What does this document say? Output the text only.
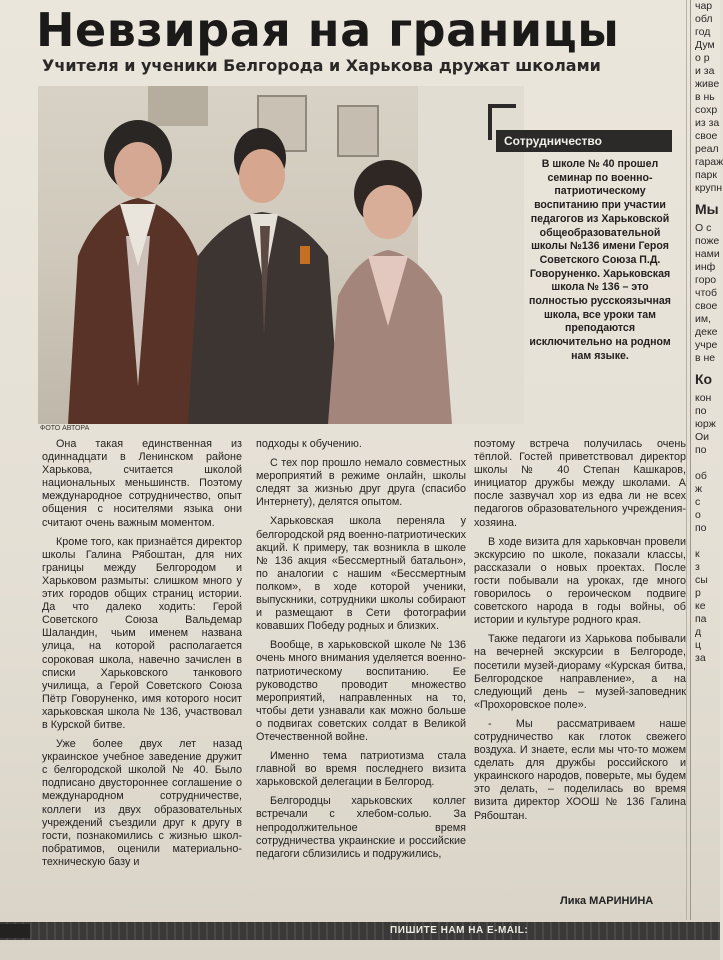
Невзирая на границы
Учителя и ученики Белгорода и Харькова дружат школами
ФОТО АВТОРА
Сотрудничество

В школе № 40 прошел семинар по военно-патриотическому воспитанию при участии педагогов из Харьковской общеобразовательной школы №136 имени Героя Советского Союза П.Д. Говоруненко. Харьковская школа № 136 – это полностью русскоязычная школа, все уроки там преподаются исключительно на родном нам языке.

Она такая единственная из одиннадцати в Ленинском районе Харькова, считается школой национальных меньшинств. Поэтому международное сотрудничество, опыт общения с носителями языка они считают очень важным моментом.

Кроме того, как признаётся директор школы Галина Рябоштан, для них границы между Белгородом и Харьковом размыты: слишком много у этих городов общих страниц истории. Да что далеко ходить: Герой Советского Союза Вальдемар Шаландин, чьим именем названа улица, на которой располагается сороковая школа, навечно зачислен в списки Харьковского танкового училища, а Герой Советского Союза Пётр Говоруненко, имя которого носит харьковская школа № 136, участвовал в Курской битве.

Уже более двух лет назад украинское учебное заведение дружит с белгородской школой № 40. Было подписано двустороннее соглашение о международном сотрудничестве, коллеги из двух образовательных учреждений съездили друг к другу в гости, познакомились с жизнью школ-побратимов, оценили материально-техническую базу и

подходы к обучению.

С тех пор прошло немало совместных мероприятий в режиме онлайн, школы следят за жизнью друг друга (спасибо Интернету), делятся опытом.

Харьковская школа переняла у белгородской ряд военно-патриотических акций. К примеру, так возникла в школе № 136 акция «Бессмертный батальон», по аналогии с нашим «Бессмертным полком», в ходе которой ученики, выпускники, сотрудники школы собирают и размещают в Сети фотографии ковавших Победу родных и близких.

Вообще, в харьковской школе № 136 очень много внимания уделяется военно-патриотическому воспитанию. Ее руководство проводит множество мероприятий, направленных на то, чтобы дети узнавали как можно больше о подвигах советских солдат в Великой Отечественной войне.

Именно тема патриотизма стала главной во время последнего визита харьковской делегации в Белгород.

Белгородцы харьковских коллег встречали с хлебом-солью. За непродолжительное время сотрудничества украинские и российские педагоги сблизились и подружились,

поэтому встреча получилась очень тёплой. Гостей приветствовал директор школы № 40 Степан Кашкаров, инициатор дружбы между школами. А после зазвучал хор из едва ли не всех педагогов образовательного учреждения-хозяина.

В ходе визита для харьковчан провели экскурсию по школе, показали классы, рассказали о новых проектах. После гости побывали на уроках, где много говорилось о героическом подвиге советского народа в годы войны, об истории и культуре родного края.

Также педагоги из Харькова побывали на вечерней экскурсии в Белгороде, посетили музей-диораму «Курская битва, Белгородское направление», а на следующий день – музей-заповедник «Прохоровское поле».

- Мы рассматриваем наше сотрудничество как глоток свежего воздуха. И знаете, если мы что-то можем сделать для дружбы российского и украинского народов, поверьте, мы будем это делать, – поделилась во время визита директор ХООШ № 136 Галина Рябоштан.

Лика МАРИНИНА
ПИШИТЕ НАМ НА E-MAIL:
чар
обл
год
Дум
о р
и за
живе
в нь
сохр
из за
свое
реал
гараж
парк
крупн
Мы
О с
поже
нами
инф
горо
чтоб
свое
им,
деке
учре
в не
Ко
кон
по
юрж
Ои
по

об
ж
с
о
по

к
з
сы
р
ке
па
д
ц
за
